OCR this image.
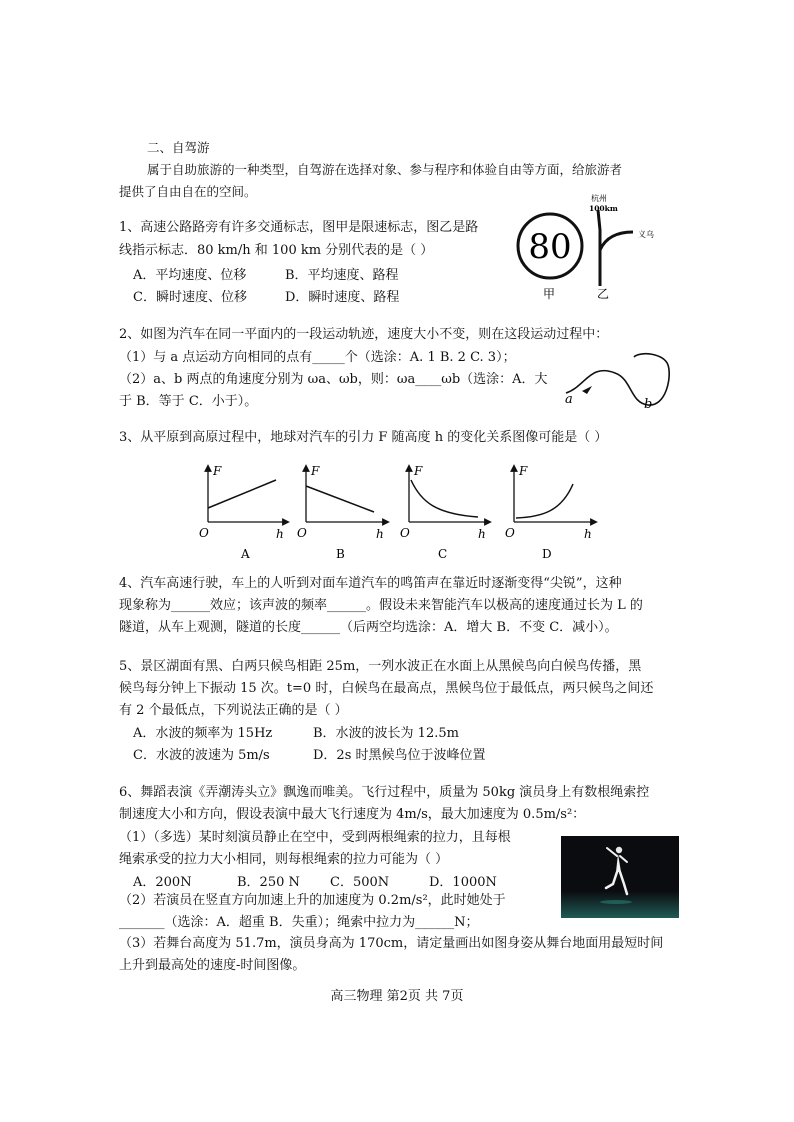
二、自驾游
属于自助旅游的一种类型，自驾游在选择对象、参与程序和体验自由等方面，给旅游者
提供了自由自在的空间。
1、高速公路路旁有许多交通标志，图甲是限速标志，图乙是路
线指示标志．80 km/h 和 100 km 分别代表的是（ ）
A．平均速度、位移	B．平均速度、路程
C．瞬时速度、位移	D．瞬时速度、路程
80
杭州
100km
义乌
甲	乙
2、如图为汽车在同一平面内的一段运动轨迹，速度大小不变，则在这段运动过程中：
（1）与 a 点运动方向相同的点有_____个（选涂：A. 1 B. 2 C. 3）；
（2）a、b 两点的角速度分别为 ωa、ωb，则：ωa____ωb（选涂：A．大
于 B．等于 C．小于）。	a	b
3、从平原到高原过程中，地球对汽车的引力 F 随高度 h 的变化关系图像可能是（ ）
F
h
O
A
F
h
O
B
F
h
O
C
F
h
O
D
4、汽车高速行驶，车上的人听到对面车道汽车的鸣笛声在靠近时逐渐变得“尖锐”，这种
现象称为______效应；该声波的频率______。假设未来智能汽车以极高的速度通过长为 L 的
隧道，从车上观测，隧道的长度______（后两空均选涂：A．增大 B．不变 C．减小）。
5、景区湖面有黑、白两只候鸟相距 25m，一列水波正在水面上从黑候鸟向白候鸟传播，黑
候鸟每分钟上下振动 15 次。t=0 时，白候鸟在最高点，黑候鸟位于最低点，两只候鸟之间还
有 2 个最低点，下列说法正确的是（ ）
A．水波的频率为 15Hz	B．水波的波长为 12.5m
C．水波的波速为 5m/s	D．2s 时黑候鸟位于波峰位置
6、舞蹈表演《弄潮涛头立》飘逸而唯美。飞行过程中，质量为 50kg 演员身上有数根绳索控
制速度大小和方向，假设表演中最大飞行速度为 4m/s，最大加速度为 0.5m/s²：
（1）（多选）某时刻演员静止在空中，受到两根绳索的拉力，且每根
绳索承受的拉力大小相同，则每根绳索的拉力可能为（ ）
A．200N	B．250 N C．500N	D．1000N
（2）若演员在竖直方向加速上升的加速度为 0.2m/s²，此时她处于
_______（选涂：A．超重 B．失重）；绳索中拉力为______N；
（3）若舞台高度为 51.7m，演员身高为 170cm，请定量画出如图身姿从舞台地面用最短时间
上升到最高处的速度-时间图像。
高三物理 第2页 共 7页
